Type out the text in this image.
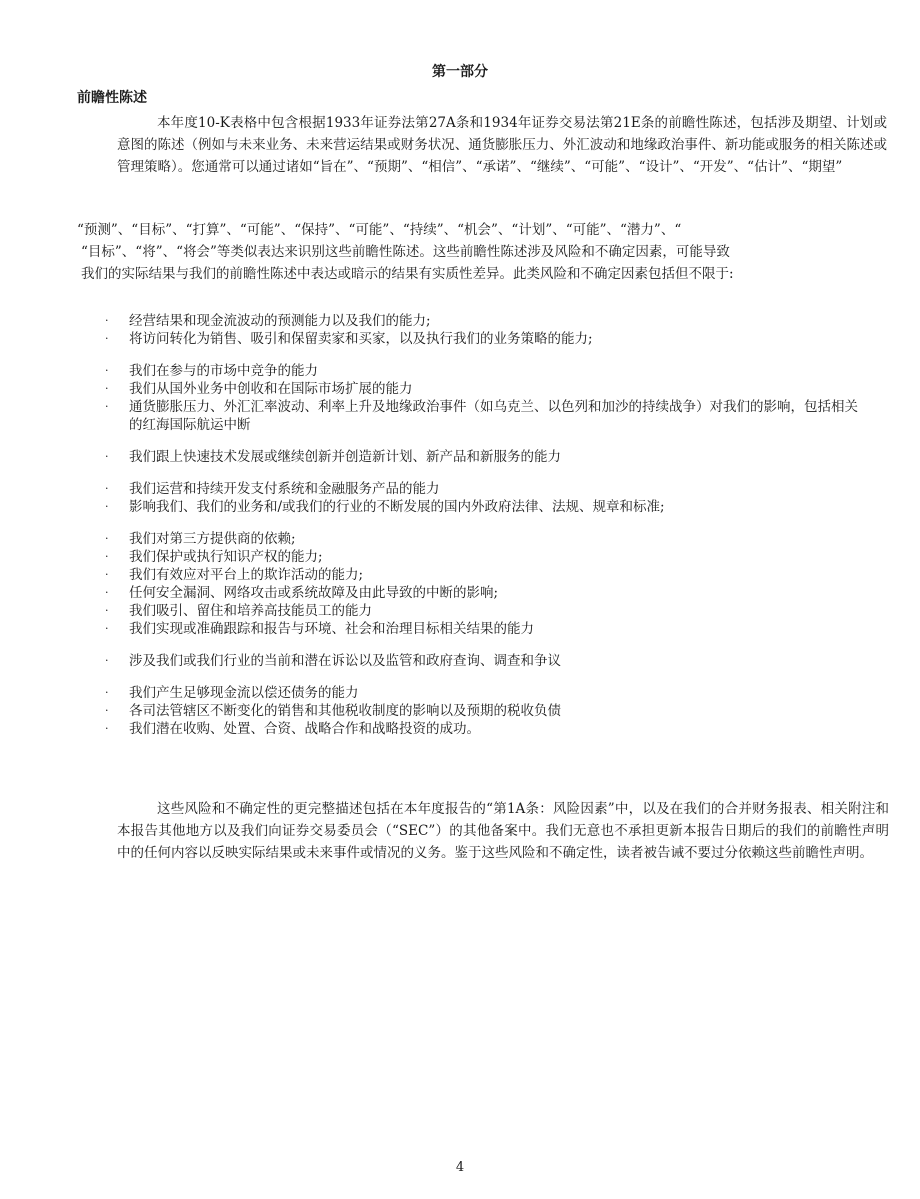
第一部分
前瞻性陈述

本年度10-K表格中包含根据1933年证券法第27A条和1934年证券交易法第21E条的前瞻性陈述，包括涉及期望、计划或意图的陈述（例如与未来业务、未来营运结果或财务状况、通货膨胀压力、外汇波动和地缘政治事件、新功能或服务的相关陈述或管理策略）。您通常可以通过诸如“旨在”、“预期”、“相信”、“承诺”、“继续”、“可能”、“设计”、“开发”、“估计”、“期望”

“预测”、“目标”、“打算”、“可能”、“保持”、“可能”、“持续”、“机会”、“计划”、“可能”、“潜力”、“
“目标”、“将”、“将会”等类似表达来识别这些前瞻性陈述。这些前瞻性陈述涉及风险和不确定因素，可能导致
我们的实际结果与我们的前瞻性陈述中表达或暗示的结果有实质性差异。此类风险和不确定因素包括但不限于:
· 经营结果和现金流波动的预测能力以及我们的能力;
· 将访问转化为销售、吸引和保留卖家和买家，以及执行我们的业务策略的能力;
· 我们在参与的市场中竞争的能力
· 我们从国外业务中创收和在国际市场扩展的能力
· 通货膨胀压力、外汇汇率波动、利率上升及地缘政治事件（如乌克兰、以色列和加沙的持续战争）对我们的影响，包括相关的红海国际航运中断
· 我们跟上快速技术发展或继续创新并创造新计划、新产品和新服务的能力
· 我们运营和持续开发支付系统和金融服务产品的能力
· 影响我们、我们的业务和/或我们的行业的不断发展的国内外政府法律、法规、规章和标准;
· 我们对第三方提供商的依赖;
· 我们保护或执行知识产权的能力;
· 我们有效应对平台上的欺诈活动的能力;
· 任何安全漏洞、网络攻击或系统故障及由此导致的中断的影响;
· 我们吸引、留住和培养高技能员工的能力
· 我们实现或准确跟踪和报告与环境、社会和治理目标相关结果的能力
· 涉及我们或我们行业的当前和潜在诉讼以及监管和政府查询、调查和争议
· 我们产生足够现金流以偿还债务的能力
· 各司法管辖区不断变化的销售和其他税收制度的影响以及预期的税收负债
· 我们潜在收购、处置、合资、战略合作和战略投资的成功。

这些风险和不确定性的更完整描述包括在本年度报告的“第1A条：风险因素”中，以及在我们的合并财务报表、相关附注和本报告其他地方以及我们向证券交易委员会（“SEC”）的其他备案中。我们无意也不承担更新本报告日期后的我们的前瞻性声明中的任何内容以反映实际结果或未来事件或情况的义务。鉴于这些风险和不确定性，读者被告诫不要过分依赖这些前瞻性声明。

4
